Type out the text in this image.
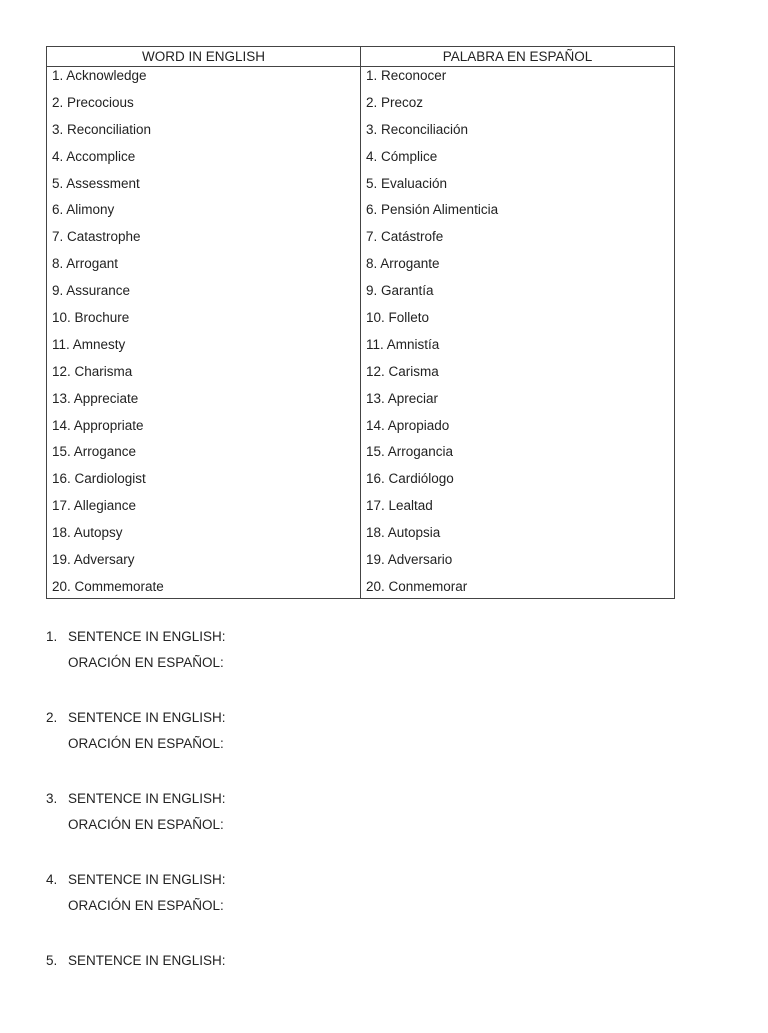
WORD IN ENGLISH	PALABRA EN ESPAÑOL
1. Acknowledge
2. Precocious
3. Reconciliation
4. Accomplice
5. Assessment
6. Alimony
7. Catastrophe
8. Arrogant
9. Assurance
10. Brochure
11. Amnesty
12. Charisma
13. Appreciate
14. Appropriate
15. Arrogance
16. Cardiologist
17. Allegiance
18. Autopsy
19. Adversary
20. Commemorate
1. Reconocer
2. Precoz
3. Reconciliación
4. Cómplice
5. Evaluación
6. Pensión Alimenticia
7. Catástrofe
8. Arrogante
9. Garantía
10. Folleto
11. Amnistía
12. Carisma
13. Apreciar
14. Apropiado
15. Arrogancia
16. Cardiólogo
17. Lealtad
18. Autopsia
19. Adversario
20. Conmemorar
1. SENTENCE IN ENGLISH:
ORACIÓN EN ESPAÑOL:
2. SENTENCE IN ENGLISH:
ORACIÓN EN ESPAÑOL:
3. SENTENCE IN ENGLISH:
ORACIÓN EN ESPAÑOL:
4. SENTENCE IN ENGLISH:
ORACIÓN EN ESPAÑOL:
5. SENTENCE IN ENGLISH:
